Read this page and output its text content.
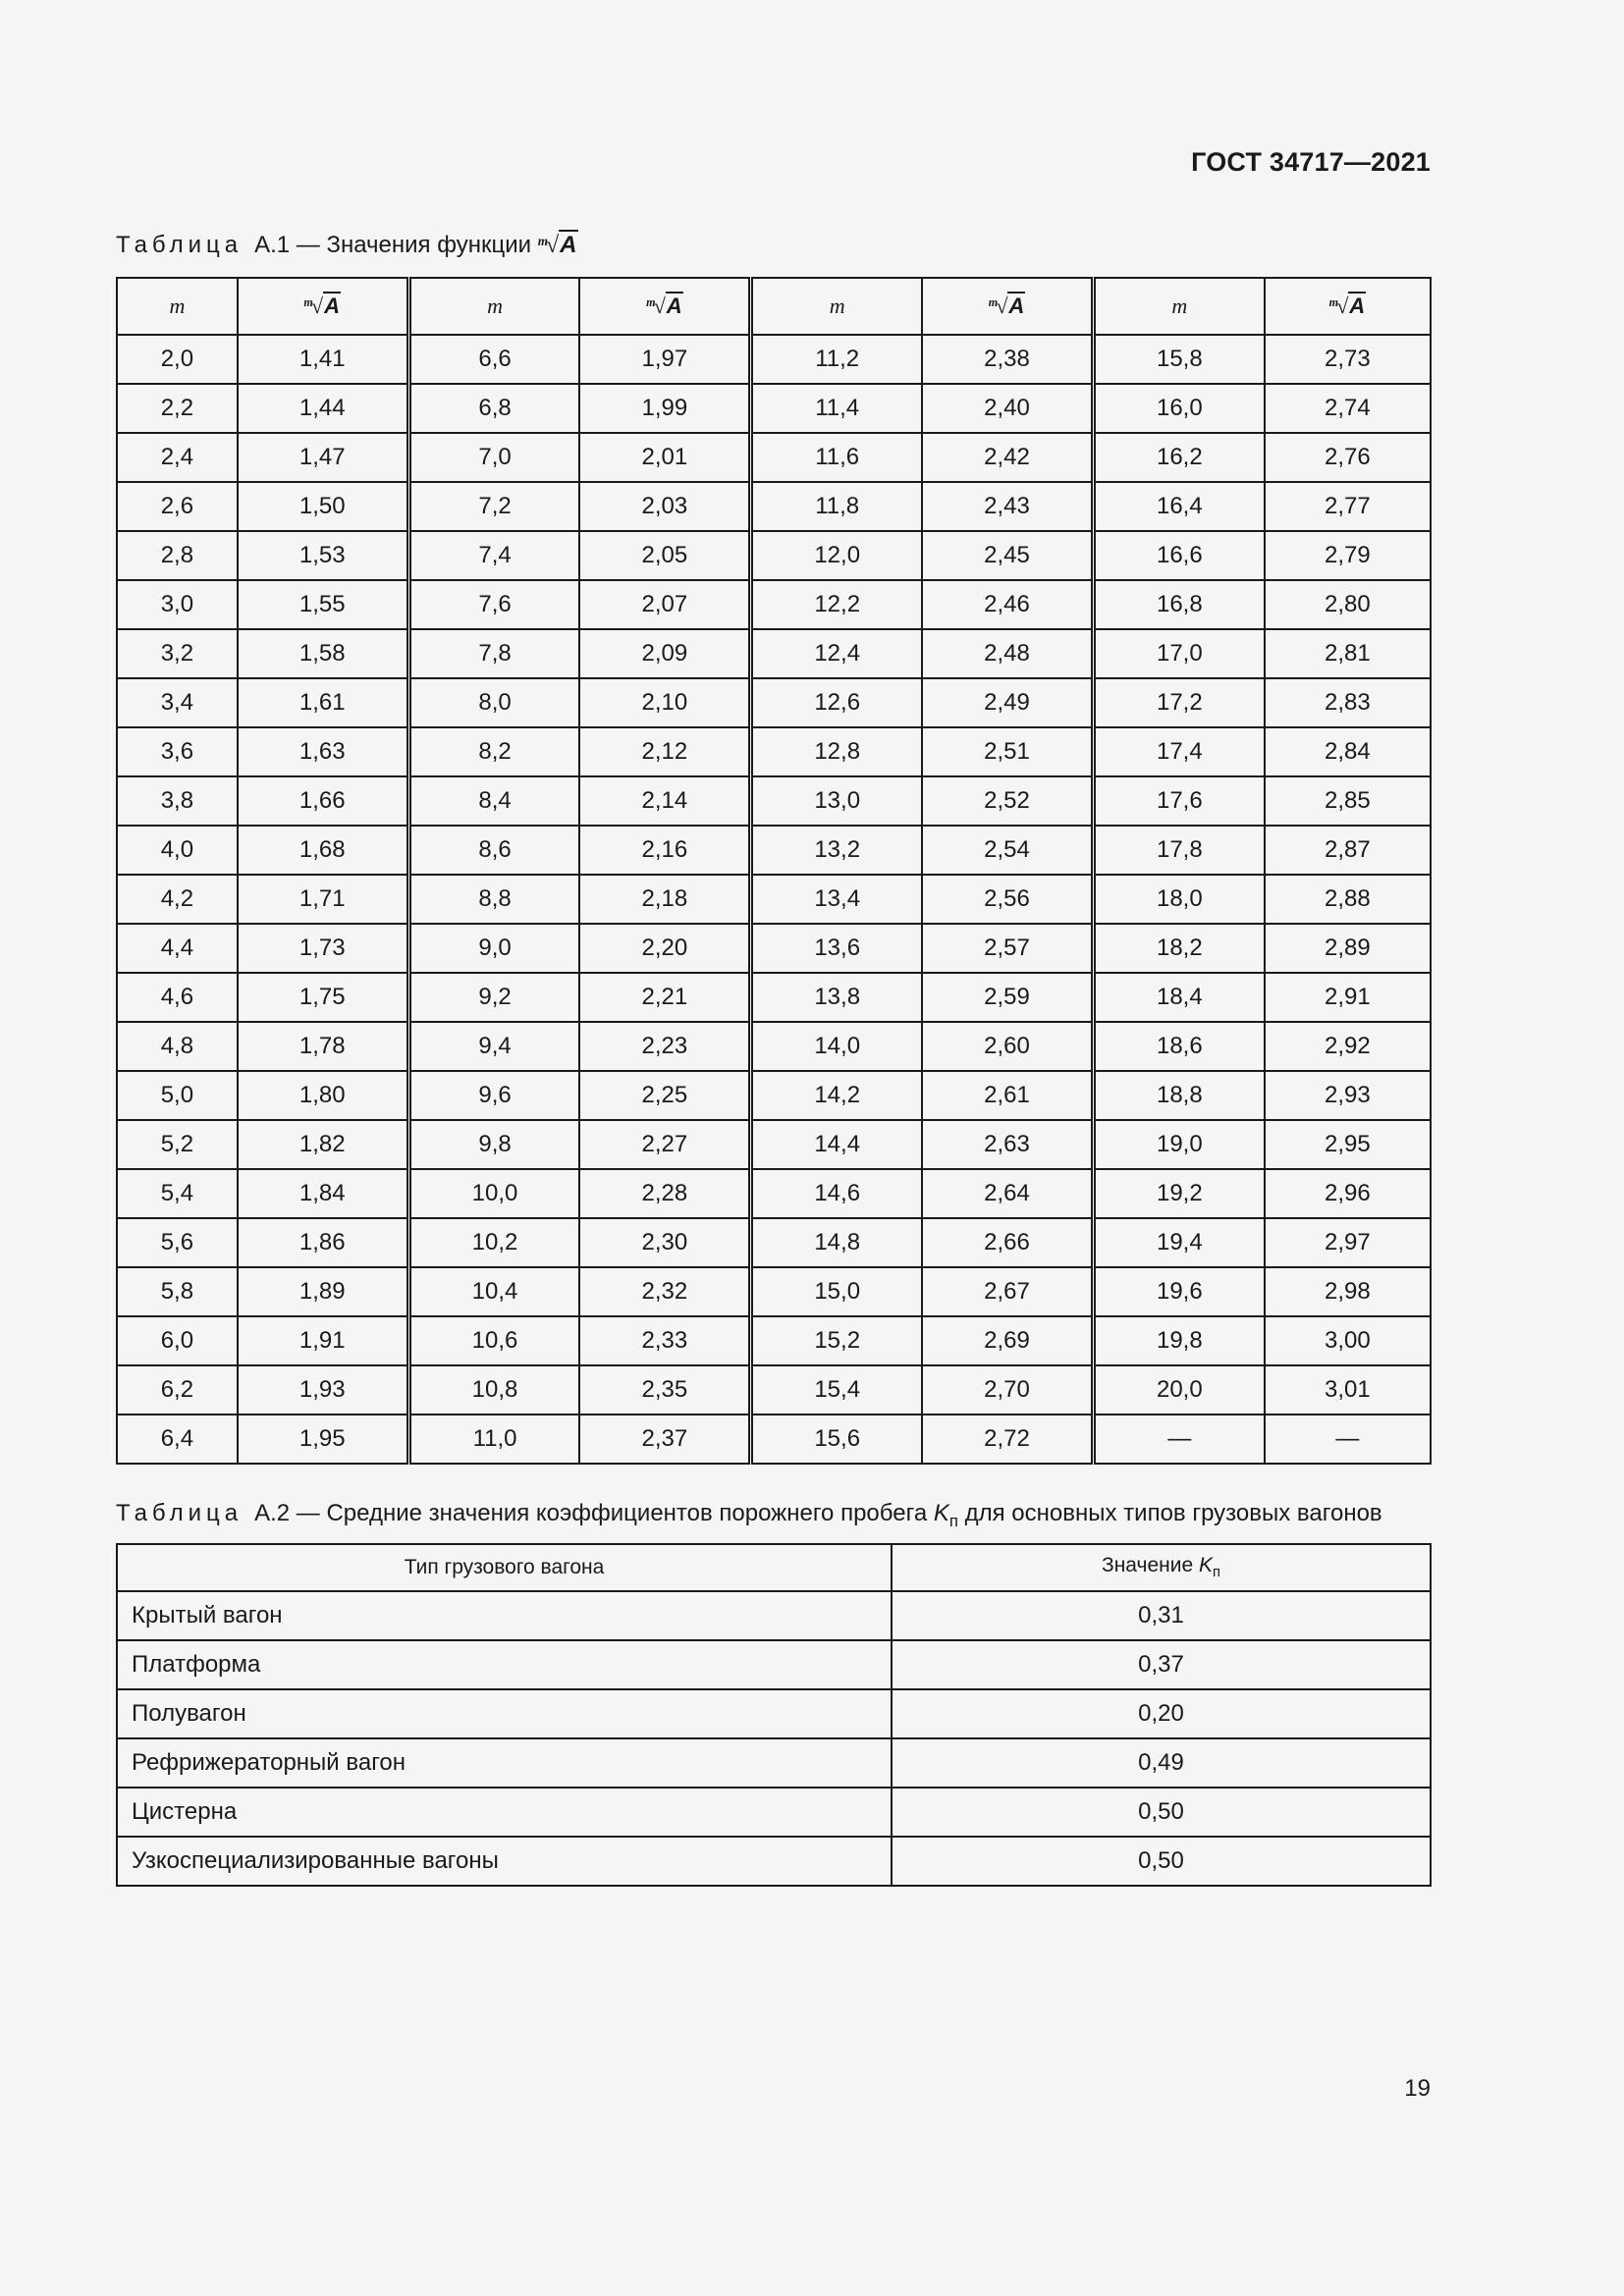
ГОСТ 34717—2021
Таблица А.1 — Значения функции $^m$√A
m	$^m$√A	m	$^m$√A	m	$^m$√A	m	$^m$√A
2,0	1,41	6,6	1,97	11,2	2,38	15,8	2,73
2,2	1,44	6,8	1,99	11,4	2,40	16,0	2,74
2,4	1,47	7,0	2,01	11,6	2,42	16,2	2,76
2,6	1,50	7,2	2,03	11,8	2,43	16,4	2,77
2,8	1,53	7,4	2,05	12,0	2,45	16,6	2,79
3,0	1,55	7,6	2,07	12,2	2,46	16,8	2,80
3,2	1,58	7,8	2,09	12,4	2,48	17,0	2,81
3,4	1,61	8,0	2,10	12,6	2,49	17,2	2,83
3,6	1,63	8,2	2,12	12,8	2,51	17,4	2,84
3,8	1,66	8,4	2,14	13,0	2,52	17,6	2,85
4,0	1,68	8,6	2,16	13,2	2,54	17,8	2,87
4,2	1,71	8,8	2,18	13,4	2,56	18,0	2,88
4,4	1,73	9,0	2,20	13,6	2,57	18,2	2,89
4,6	1,75	9,2	2,21	13,8	2,59	18,4	2,91
4,8	1,78	9,4	2,23	14,0	2,60	18,6	2,92
5,0	1,80	9,6	2,25	14,2	2,61	18,8	2,93
5,2	1,82	9,8	2,27	14,4	2,63	19,0	2,95
5,4	1,84	10,0	2,28	14,6	2,64	19,2	2,96
5,6	1,86	10,2	2,30	14,8	2,66	19,4	2,97
5,8	1,89	10,4	2,32	15,0	2,67	19,6	2,98
6,0	1,91	10,6	2,33	15,2	2,69	19,8	3,00
6,2	1,93	10,8	2,35	15,4	2,70	20,0	3,01
6,4	1,95	11,0	2,37	15,6	2,72	—	—
Таблица А.2 — Средние значения коэффициентов порожнего пробега $K_п$ для основных типов грузовых вагонов
Тип грузового вагона	Значение $K_п$
Крытый вагон	0,31
Платформа	0,37
Полувагон	0,20
Рефрижераторный вагон	0,49
Цистерна	0,50
Узкоспециализированные вагоны	0,50
19
